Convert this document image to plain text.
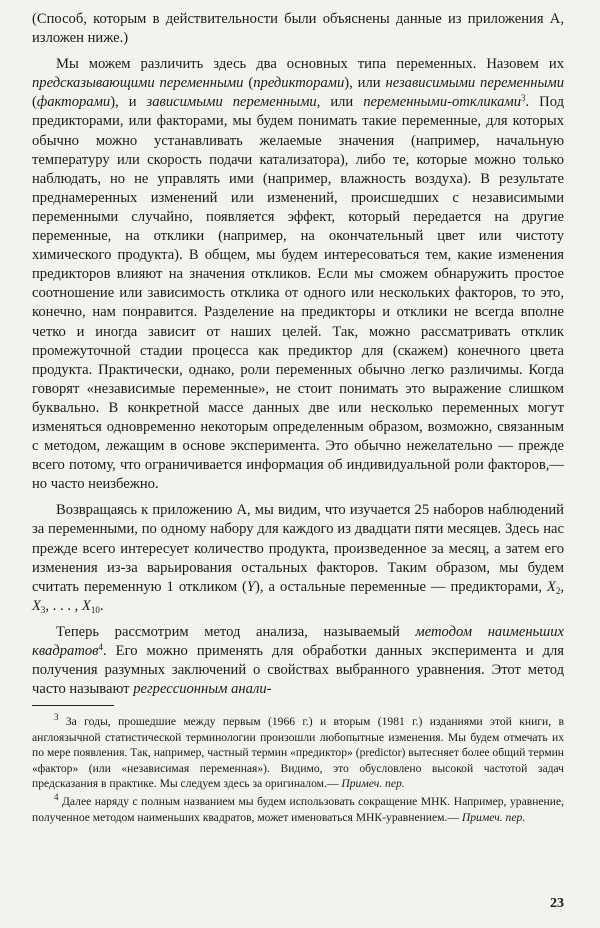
(Способ, которым в действительности были объяснены данные из приложения А, изложен ниже.)

Мы можем различить здесь два основных типа переменных. Назовем их предсказывающими переменными (предикторами), или независимыми переменными (факторами), и зависимыми переменными, или переменными-откликами$^3$. Под предикторами, или факторами, мы будем понимать такие переменные, для которых обычно можно устанавливать желаемые значения (например, начальную температуру или скорость подачи катализатора), либо те, которые можно только наблюдать, но не управлять ими (например, влажность воздуха). В результате преднамеренных изменений или изменений, происшедших с независимыми переменными случайно, появляется эффект, который передается на другие переменные, на отклики (например, на окончательный цвет или чистоту химического продукта). В общем, мы будем интересоваться тем, какие изменения предикторов влияют на значения откликов. Если мы сможем обнаружить простое соотношение или зависимость отклика от одного или нескольких факторов, то это, конечно, нам понравится. Разделение на предикторы и отклики не всегда вполне четко и иногда зависит от наших целей. Так, можно рассматривать отклик промежуточной стадии процесса как предиктор для (скажем) конечного цвета продукта. Практически, однако, роли переменных обычно легко различимы. Когда говорят «независимые переменные», не стоит понимать это выражение слишком буквально. В конкретной массе данных две или несколько переменных могут изменяться одновременно некоторым определенным образом, возможно, связанным с методом, лежащим в основе эксперимента. Это обычно нежелательно — прежде всего потому, что ограничивается информация об индивидуальной роли факторов,— но часто неизбежно.

Возвращаясь к приложению А, мы видим, что изучается 25 наборов наблюдений за переменными, по одному набору для каждого из двадцати пяти месяцев. Здесь нас прежде всего интересует количество продукта, произведенное за месяц, а затем его изменения из-за варьирования остальных факторов. Таким образом, мы будем считать переменную 1 откликом (Y), а остальные переменные — предикторами, $X_2$, $X_3$, . . . , $X_{10}$.

Теперь рассмотрим метод анализа, называемый методом наименьших квадратов$^4$. Его можно применять для обработки данных эксперимента и для получения разумных заключений о свойствах выбранного уравнения. Этот метод часто называют регрессионным анали-

$^3$ За годы, прошедшие между первым (1966 г.) и вторым (1981 г.) изданиями этой книги, в англоязычной статистической терминологии произошли любопытные изменения. Мы будем отмечать их по мере появления. Так, например, частный термин «предиктор» (predictor) вытесняет более общий термин «фактор» (или «независимая переменная»). Видимо, это обусловлено высокой частотой задач предсказания в практике. Мы следуем здесь за оригиналом.— Примеч. пер.

$^4$ Далее наряду с полным названием мы будем использовать сокращение МНК. Например, уравнение, полученное методом наименьших квадратов, может именоваться МНК-уравнением.— Примеч. пер.

23
